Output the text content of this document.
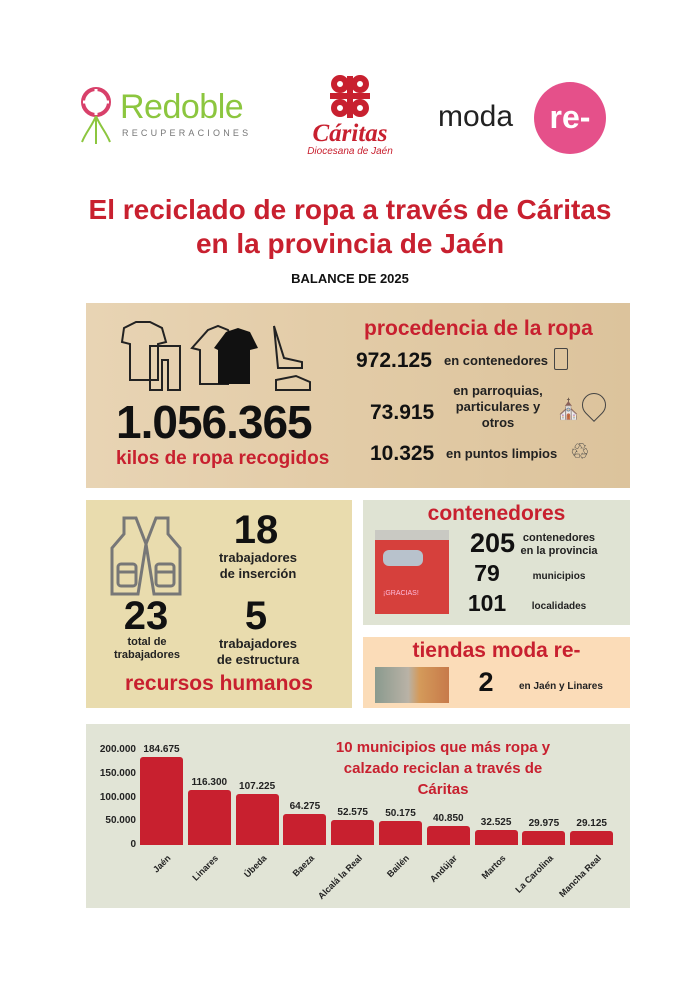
Redoble
RECUPERACIONES	Cáritas
Diocesana de Jaén
moda	re-
El reciclado de ropa a través de Cáritas
en la provincia de Jaén
BALANCE DE 2025
1.056.365
kilos de ropa recogidos
procedencia de la ropa
972.125 en contenedores
73.915
en parroquias, particulares y otros
⛪
10.325 en puntos limpios ♲
18
trabajadores de inserción
23
total de trabajadores
5
trabajadores de estructura
recursos humanos
contenedores
¡GRACIAS!
205 contenedores en la provincia
79	municipios
101	localidades
tiendas moda re-
2	en Jaén y Linares
10 municipios que más ropa y calzado reciclan a través de Cáritas
0
50.000
100.000
150.000
200.000 184.675
Jaén
116.300
Linares
107.225
Úbeda
64.275
Baeza
52.575
Alcalá la Real
50.175
Bailén
40.850
Andújar
32.525
Martos
29.975
La Carolina
29.125
Mancha Real
